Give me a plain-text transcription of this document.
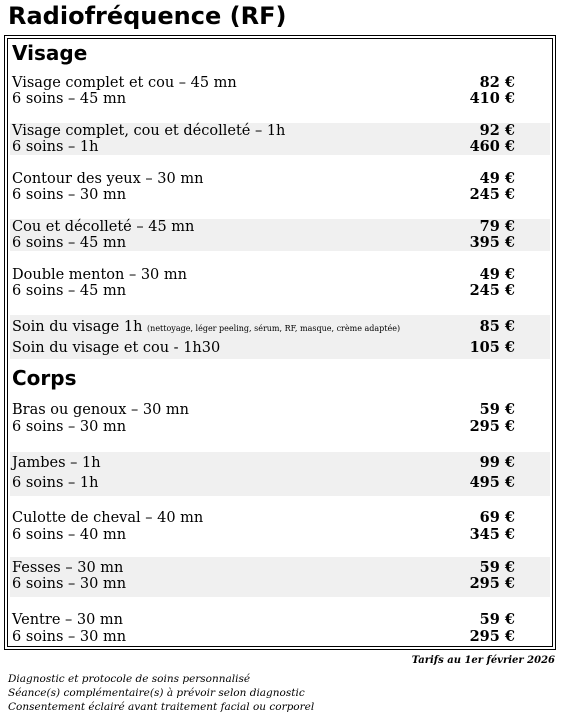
Radiofréquence (RF)
Visage
Visage complet et cou – 45 mn	82 €
6 soins – 45 mn	410 €
Visage complet, cou et décolleté – 1h	92 €
6 soins – 1h	460 €
Contour des yeux – 30 mn	49 €
6 soins – 30 mn	245 €
Cou et décolleté – 45 mn	79 €
6 soins – 45 mn	395 €
Double menton – 30 mn	49 €
6 soins – 45 mn	245 €
Soin du visage 1h (nettoyage, léger peeling, sérum, RF, masque, crème adaptée)	85 €
Soin du visage et cou - 1h30	105 €
Corps
Bras ou genoux – 30 mn	59 €
6 soins – 30 mn	295 €
Jambes – 1h	99 €
6 soins – 1h	495 €
Culotte de cheval – 40 mn	69 €
6 soins – 40 mn	345 €
Fesses – 30 mn	59 €
6 soins – 30 mn	295 €
Ventre – 30 mn	59 €
6 soins – 30 mn	295 €
Tarifs au 1er février 2026
Diagnostic et protocole de soins personnalisé
Séance(s) complémentaire(s) à prévoir selon diagnostic
Consentement éclairé avant traitement facial ou corporel
